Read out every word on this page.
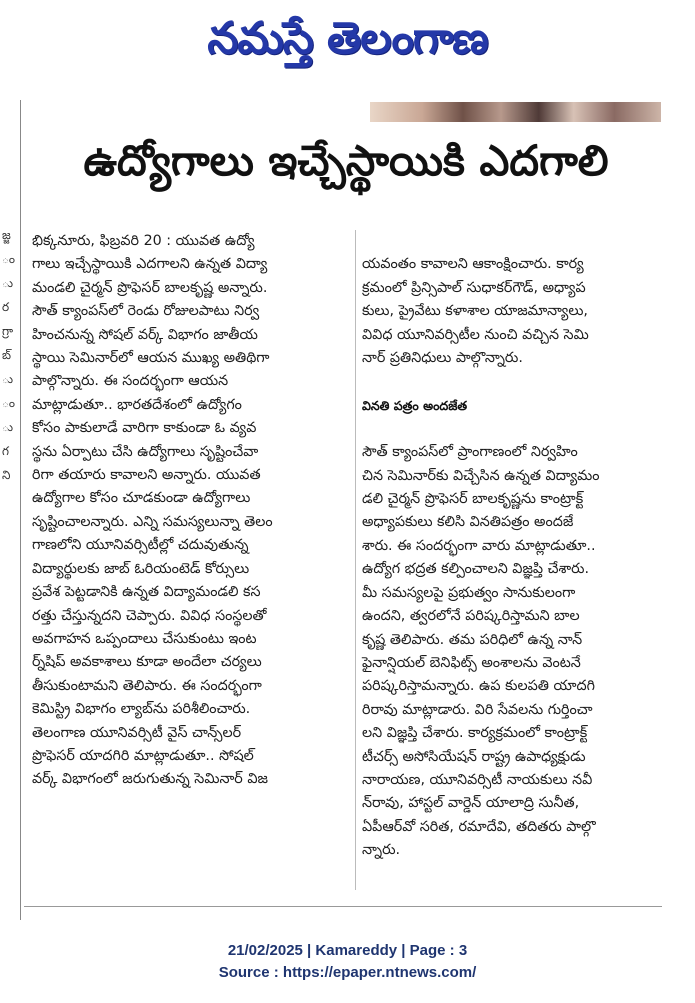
నమస్తే తెలంగాణ
జ్జ
ం
ు
ర
గ్రా
బ్
ు
ం
ు
గ
ని
ఉద్యోగాలు ఇచ్చేస్థాయికి ఎదగాలి
భిక్కనూరు, ఫిబ్రవరి 20 : యువత ఉద్యో
గాలు ఇచ్చేస్థాయికి ఎదగాలని ఉన్నత విద్యా
మండలి చైర్మన్ ప్రొఫెసర్ బాలకృష్ణ అన్నారు.
సౌత్ క్యాంపస్‌లో రెండు రోజులపాటు నిర్వ
హించనున్న సోషల్ వర్క్ విభాగం జాతీయ
స్థాయి సెమినార్‌లో ఆయన ముఖ్య అతిథిగా
పాల్గొన్నారు. ఈ సందర్భంగా ఆయన
మాట్లాడుతూ.. భారతదేశంలో ఉద్యోగం
కోసం పాకులాడే వారిగా కాకుండా ఓ వ్యవ
స్థను ఏర్పాటు చేసి ఉద్యోగాలు సృష్టించేవా
రిగా తయారు కావాలని అన్నారు. యువత
ఉద్యోగాల కోసం చూడకుండా ఉద్యోగాలు
సృష్టించాలన్నారు. ఎన్ని సమస్యలున్నా తెలం
గాణలోని యూనివర్సిటీల్లో చదువుతున్న
విద్యార్థులకు జాబ్ ఓరియంటెడ్ కోర్సులు
ప్రవేశ పెట్టడానికి ఉన్నత విద్యామండలి కస
రత్తు చేస్తున్నదని చెప్పారు. వివిధ సంస్థలతో
అవగాహన ఒప్పందాలు చేసుకుంటు ఇంట
ర్న్‌షిప్ అవకాశాలు కూడా అందేలా చర్యలు
తీసుకుంటామని తెలిపారు. ఈ సందర్భంగా
కెమిస్ట్రి విభాగం ల్యాబ్‌ను పరిశీలించారు.
తెలంగాణ యూనివర్సిటీ వైస్ చాన్స్‌లర్
ప్రొఫెసర్ యాదగిరి మాట్లాడుతూ.. సోషల్
వర్క్ విభాగంలో జరుగుతున్న సెమినార్ విజ

యవంతం కావాలని ఆకాంక్షించారు. కార్య
క్రమంలో ప్రిన్సిపాల్ సుధాకర్‌గౌడ్, అధ్యాప
కులు, ప్రైవేటు కళాశాల యాజమాన్యాలు,
వివిధ యూనివర్సిటీల నుంచి వచ్చిన సెమి
నార్ ప్రతినిధులు పాల్గొన్నారు.

వినతి పత్రం అందజేత

సౌత్ క్యాంపస్‌లో ప్రాంగాణంలో నిర్వహిం
చిన సెమినార్‌కు విచ్చేసిన ఉన్నత విద్యామం
డలి చైర్మన్ ప్రొఫెసర్ బాలకృష్ణను కాంట్రాక్ట్
అధ్యాపకులు కలిసి వినతిపత్రం అందజే
శారు. ఈ సందర్భంగా వారు మాట్లాడుతూ..
ఉద్యోగ భద్రత కల్పించాలని విజ్ఞప్తి చేశారు.
మీ సమస్యలపై ప్రభుత్వం సానుకులంగా
ఉందని, త్వరలోనే పరిష్కరిస్తామని బాల
కృష్ణ తెలిపారు. తమ పరిధిలో ఉన్న నాన్
ఫైనాన్షియల్ బెనిఫిట్స్ అంశాలను వెంటనే
పరిష్కరిస్తామన్నారు. ఉప కులపతి యాదగి
రిరావు మాట్లాడారు. విరి సేవలను గుర్తించా
లని విజ్ఞప్తి చేశారు. కార్యక్రమంలో కాంట్రాక్ట్
టీచర్స్ అసోసియేషన్ రాష్ట్ర ఉపాధ్యక్షుడు
నారాయణ, యూనివర్సిటీ నాయకులు నవీ
న్‌రావు, హాస్టల్ వార్డెన్ యాలాద్రి సునీత,
ఏపీఆర్‌వో సరిత, రమాదేవి, తదితరు పాల్గొ
న్నారు.

21/02/2025 | Kamareddy | Page : 3
Source : https://epaper.ntnews.com/
